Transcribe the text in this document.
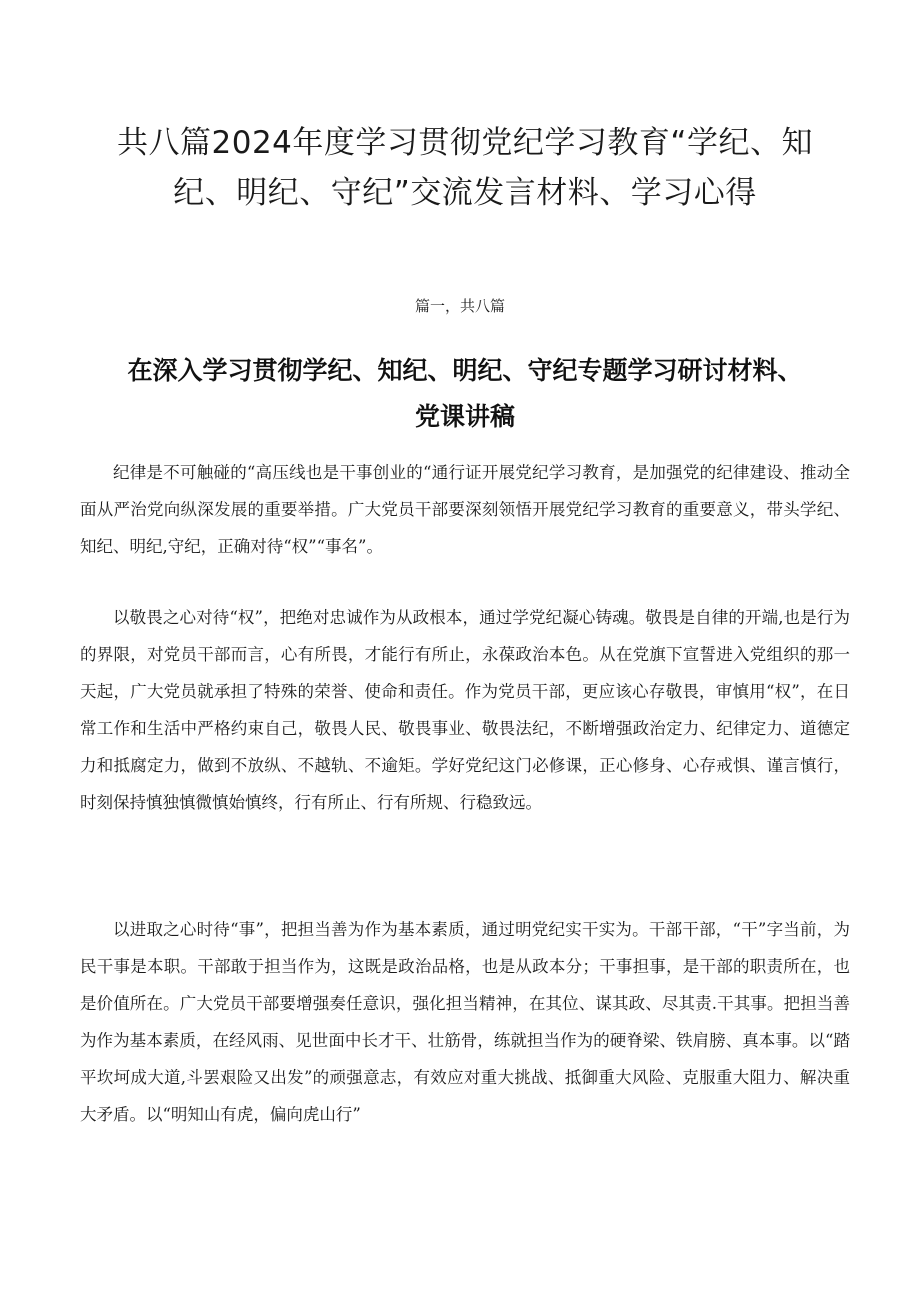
共八篇2024年度学习贯彻党纪学习教育“学纪、知纪、明纪、守纪”交流发言材料、学习心得
篇一，共八篇
在深入学习贯彻学纪、知纪、明纪、守纪专题学习研讨材料、党课讲稿

纪律是不可触碰的“高压线也是干事创业的“通行证开展党纪学习教育，是加强党的纪律建设、推动全面从严治党向纵深发展的重要举措。广大党员干部要深刻领悟开展党纪学习教育的重要意义，带头学纪、知纪、明纪,守纪，正确对待“权”“事名”。

以敬畏之心对待“权”，把绝对忠诚作为从政根本，通过学党纪凝心铸魂。敬畏是自律的开端,也是行为的界限，对党员干部而言，心有所畏，才能行有所止，永葆政治本色。从在党旗下宣誓进入党组织的那一天起，广大党员就承担了特殊的荣誉、使命和责任。作为党员干部，更应该心存敬畏，审慎用“权”，在日常工作和生活中严格约束自己，敬畏人民、敬畏事业、敬畏法纪，不断增强政治定力、纪律定力、道德定力和抵腐定力，做到不放纵、不越轨、不逾矩。学好党纪这门必修课，正心修身、心存戒惧、谨言慎行，时刻保持慎独慎微慎始慎终，行有所止、行有所规、行稳致远。

以进取之心时待“事”，把担当善为作为基本素质，通过明党纪实干实为。干部干部，“干”字当前，为民干事是本职。干部敢于担当作为，这既是政治品格，也是从政本分；干事担事，是干部的职责所在，也是价值所在。广大党员干部要增强奏任意识，强化担当精神，在其位、谋其政、尽其责.干其事。把担当善为作为基本素质，在经风雨、见世面中长才干、壮筋骨，练就担当作为的硬脊梁、铁肩膀、真本事。以“踏平坎坷成大道,斗罢艰险又出发”的顽强意志，有效应对重大挑战、抵御重大风险、克服重大阻力、解决重大矛盾。以“明知山有虎，偏向虎山行”
